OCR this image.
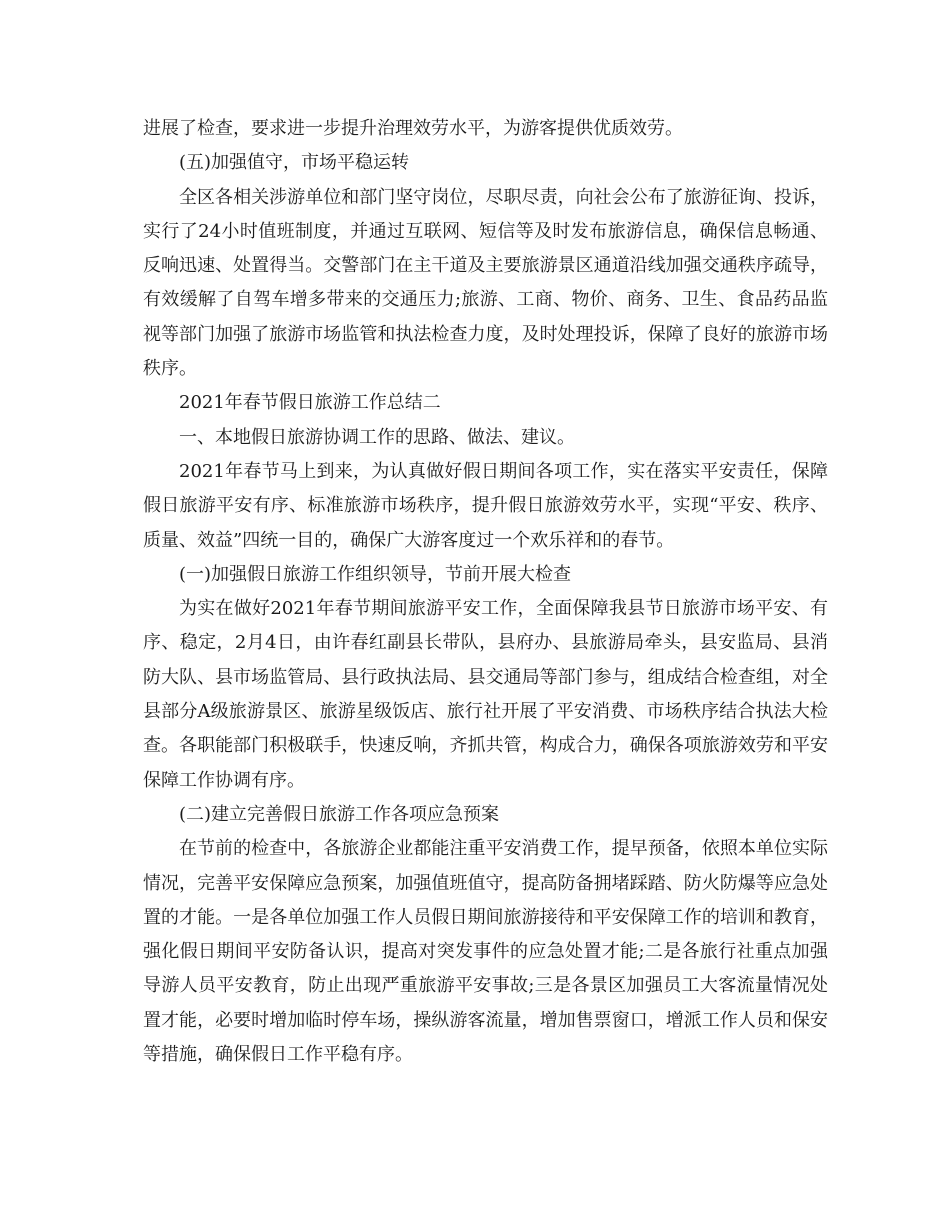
进展了检查，要求进一步提升治理效劳水平，为游客提供优质效劳。

(五)加强值守，市场平稳运转

全区各相关涉游单位和部门坚守岗位，尽职尽责，向社会公布了旅游征询、投诉，实行了24小时值班制度，并通过互联网、短信等及时发布旅游信息，确保信息畅通、反响迅速、处置得当。交警部门在主干道及主要旅游景区通道沿线加强交通秩序疏导，有效缓解了自驾车增多带来的交通压力;旅游、工商、物价、商务、卫生、食品药品监视等部门加强了旅游市场监管和执法检查力度，及时处理投诉，保障了良好的旅游市场秩序。

2021年春节假日旅游工作总结二

一、本地假日旅游协调工作的思路、做法、建议。

2021年春节马上到来，为认真做好假日期间各项工作，实在落实平安责任，保障假日旅游平安有序、标准旅游市场秩序，提升假日旅游效劳水平，实现“平安、秩序、质量、效益”四统一目的，确保广大游客度过一个欢乐祥和的春节。

(一)加强假日旅游工作组织领导，节前开展大检查

为实在做好2021年春节期间旅游平安工作，全面保障我县节日旅游市场平安、有序、稳定，2月4日，由许春红副县长带队，县府办、县旅游局牵头，县安监局、县消防大队、县市场监管局、县行政执法局、县交通局等部门参与，组成结合检查组，对全县部分A级旅游景区、旅游星级饭店、旅行社开展了平安消费、市场秩序结合执法大检查。各职能部门积极联手，快速反响，齐抓共管，构成合力，确保各项旅游效劳和平安保障工作协调有序。

(二)建立完善假日旅游工作各项应急预案

在节前的检查中，各旅游企业都能注重平安消费工作，提早预备，依照本单位实际情况，完善平安保障应急预案，加强值班值守，提高防备拥堵踩踏、防火防爆等应急处置的才能。一是各单位加强工作人员假日期间旅游接待和平安保障工作的培训和教育，强化假日期间平安防备认识，提高对突发事件的应急处置才能;二是各旅行社重点加强导游人员平安教育，防止出现严重旅游平安事故;三是各景区加强员工大客流量情况处置才能，必要时增加临时停车场，操纵游客流量，增加售票窗口，增派工作人员和保安等措施，确保假日工作平稳有序。
